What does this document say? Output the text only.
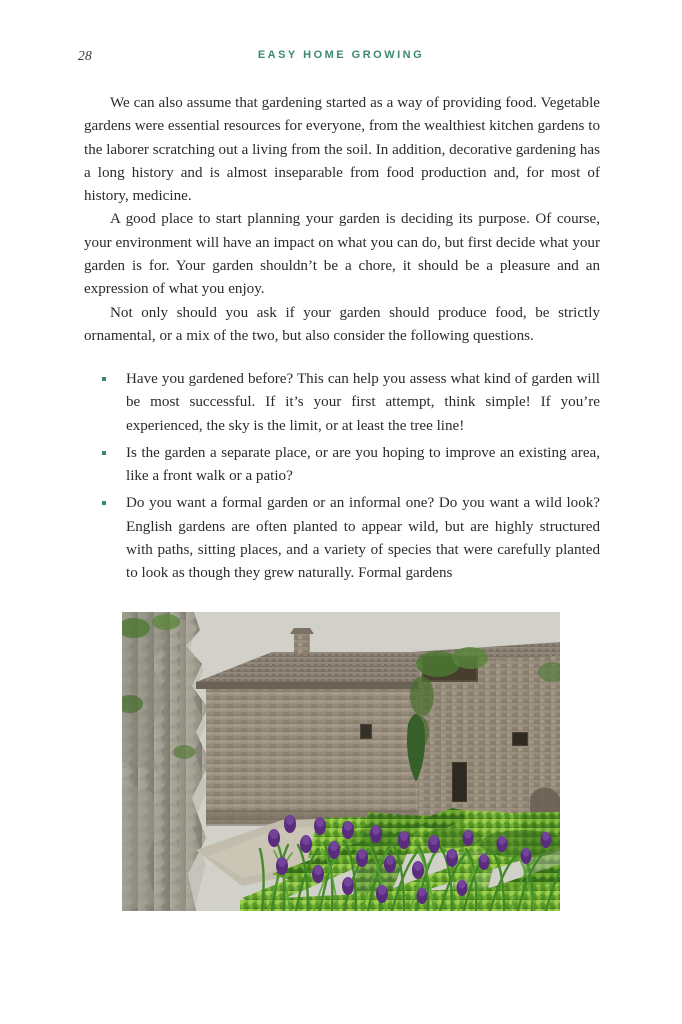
28	EASY HOME GROWING

We can also assume that gardening started as a way of providing food. Vegetable gardens were essential resources for everyone, from the wealthiest kitchen gardens to the laborer scratching out a living from the soil. In addition, decorative gardening has a long history and is almost inseparable from food production and, for most of history, medicine.

A good place to start planning your garden is deciding its purpose. Of course, your environment will have an impact on what you can do, but first decide what your garden is for. Your garden shouldn’t be a chore, it should be a pleasure and an expression of what you enjoy.

Not only should you ask if your garden should produce food, be strictly ornamental, or a mix of the two, but also consider the following questions.

Have you gardened before? This can help you assess what kind of garden will be most successful. If it’s your first attempt, think simple! If you’re experienced, the sky is the limit, or at least the tree line!
Is the garden a separate place, or are you hoping to improve an existing area, like a front walk or a patio?
Do you want a formal garden or an informal one? Do you want a wild look? English gardens are often planted to appear wild, but are highly structured with paths, sitting places, and a variety of species that were carefully planted to look as though they grew naturally. Formal gardens
